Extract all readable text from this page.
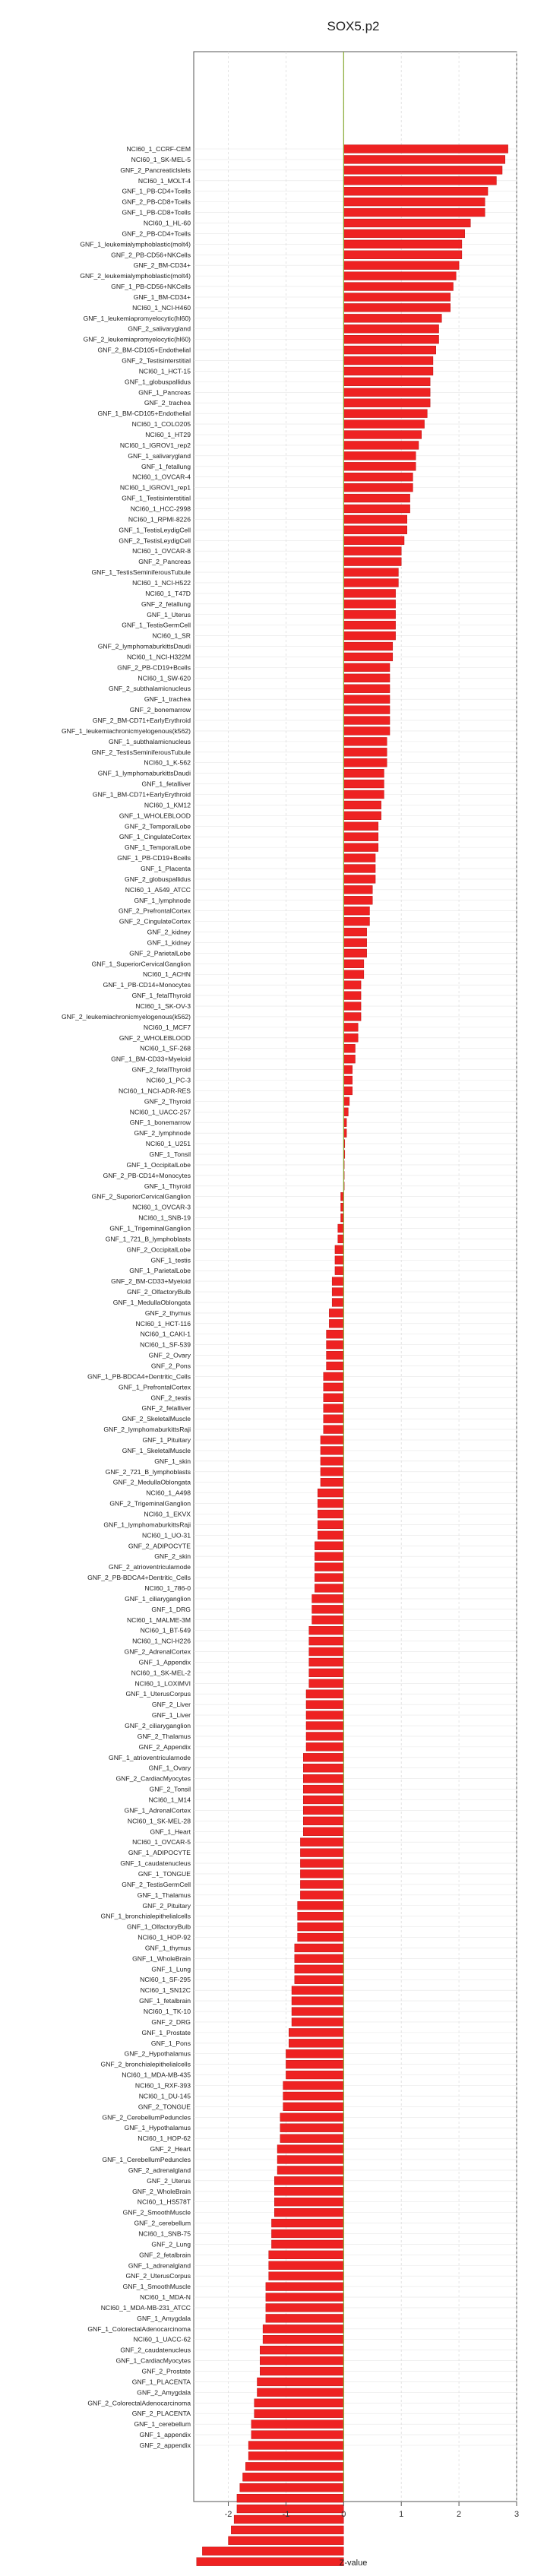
SOX5.p2
NCI60_1_CCRF-CEM
NCI60_1_SK-MEL-5
GNF_2_Pancreaticlslets
NCI60_1_MOLT-4
GNF_1_PB-CD4+Tcells
GNF_2_PB-CD8+Tcells
GNF_1_PB-CD8+Tcells
NCI60_1_HL-60
GNF_2_PB-CD4+Tcells
GNF_1_leukemialymphoblastic(molt4)
GNF_2_PB-CD56+NKCells
GNF_2_BM-CD34+
GNF_2_leukemialymphoblastic(molt4)
GNF_1_PB-CD56+NKCells
GNF_1_BM-CD34+
NCI60_1_NCI-H460
GNF_1_leukemiapromyelocytic(hl60)
GNF_2_salivarygland
GNF_2_leukemiapromyelocytic(hl60)
GNF_2_BM-CD105+Endothelial
GNF_2_Testisinterstitial
NCI60_1_HCT-15
GNF_1_globuspallidus
GNF_1_Pancreas
GNF_2_trachea
GNF_1_BM-CD105+Endothelial
NCI60_1_COLO205
NCI60_1_HT29
NCI60_1_IGROV1_rep2
GNF_1_salivarygland
GNF_1_fetallung
NCI60_1_OVCAR-4
NCI60_1_IGROV1_rep1
GNF_1_Testisinterstitial
NCI60_1_HCC-2998
NCI60_1_RPMI-8226
GNF_1_TestisLeydigCell
GNF_2_TestisLeydigCell
NCI60_1_OVCAR-8
GNF_2_Pancreas
GNF_1_TestisSeminiferousTubule
NCI60_1_NCI-H522
NCI60_1_T47D
GNF_2_fetallung
GNF_1_Uterus
GNF_1_TestisGermCell
NCI60_1_SR
GNF_2_lymphomaburkittsDaudi
NCI60_1_NCI-H322M
GNF_2_PB-CD19+Bcells
NCI60_1_SW-620
GNF_2_subthalamicnucleus
GNF_1_trachea
GNF_2_bonemarrow
GNF_2_BM-CD71+EarlyErythroid
GNF_1_leukemiachronicmyelogenous(k562)
GNF_1_subthalamicnucleus
GNF_2_TestisSeminiferousTubule
NCI60_1_K-562
GNF_1_lymphomaburkittsDaudi
GNF_1_fetalliver
GNF_1_BM-CD71+EarlyErythroid
NCI60_1_KM12
GNF_1_WHOLEBLOOD
GNF_2_TemporalLobe
GNF_1_CingulateCortex
GNF_1_TemporalLobe
GNF_1_PB-CD19+Bcells
GNF_1_Placenta
GNF_2_globuspallidus
NCI60_1_A549_ATCC
GNF_1_lymphnode
GNF_2_PrefrontalCortex
GNF_2_CingulateCortex
GNF_2_kidney
GNF_1_kidney
GNF_2_ParietalLobe
GNF_1_SuperiorCervicalGanglion
NCI60_1_ACHN
GNF_1_PB-CD14+Monocytes
GNF_1_fetalThyroid
NCI60_1_SK-OV-3
GNF_2_leukemiachronicmyelogenous(k562)
NCI60_1_MCF7
GNF_2_WHOLEBLOOD
NCI60_1_SF-268
GNF_1_BM-CD33+Myeloid
GNF_2_fetalThyroid
NCI60_1_PC-3
NCI60_1_NCI-ADR-RES
GNF_2_Thyroid
NCI60_1_UACC-257
GNF_1_bonemarrow
GNF_2_lymphnode
NCI60_1_U251
GNF_1_Tonsil
GNF_1_OccipitalLobe
GNF_2_PB-CD14+Monocytes
GNF_1_Thyroid
GNF_2_SuperiorCervicalGanglion
NCI60_1_OVCAR-3
NCI60_1_SNB-19
GNF_1_TrigeminalGanglion
GNF_1_721_B_lymphoblasts
GNF_2_OccipitalLobe
GNF_1_testis
GNF_1_ParietalLobe
GNF_2_BM-CD33+Myeloid
GNF_2_OlfactoryBulb
GNF_1_MedullaOblongata
GNF_2_thymus
NCI60_1_HCT-116
NCI60_1_CAKI-1
NCI60_1_SF-539
GNF_2_Ovary
GNF_2_Pons
GNF_1_PB-BDCA4+Dentritic_Cells
GNF_1_PrefrontalCortex
GNF_2_testis
GNF_2_fetalliver
GNF_2_SkeletalMuscle
GNF_2_lymphomaburkittsRaji
GNF_1_Pituitary
GNF_1_SkeletalMuscle
GNF_1_skin
GNF_2_721_B_lymphoblasts
GNF_2_MedullaOblongata
NCI60_1_A498
GNF_2_TrigeminalGanglion
NCI60_1_EKVX
GNF_1_lymphomaburkittsRaji
NCI60_1_UO-31
GNF_2_ADIPOCYTE
GNF_2_skin
GNF_2_atrioventricularnode
GNF_2_PB-BDCA4+Dentritic_Cells
NCI60_1_786-0
GNF_1_ciliaryganglion
GNF_1_DRG
NCI60_1_MALME-3M
NCI60_1_BT-549
NCI60_1_NCI-H226
GNF_2_AdrenalCortex
GNF_1_Appendix
NCI60_1_SK-MEL-2
NCI60_1_LOXIMVI
GNF_1_UterusCorpus
GNF_2_Liver
GNF_1_Liver
GNF_2_ciliaryganglion
GNF_2_Thalamus
GNF_2_Appendix
GNF_1_atrioventricularnode
GNF_1_Ovary
GNF_2_CardiacMyocytes
GNF_2_Tonsil
NCI60_1_M14
GNF_1_AdrenalCortex
NCI60_1_SK-MEL-28
GNF_1_Heart
NCI60_1_OVCAR-5
GNF_1_ADIPOCYTE
GNF_1_caudatenucleus
GNF_1_TONGUE
GNF_2_TestisGermCell
GNF_1_Thalamus
GNF_2_Pituitary
GNF_1_bronchialepithelialcells
GNF_1_OlfactoryBulb
NCI60_1_HOP-92
GNF_1_thymus
GNF_1_WholeBrain
GNF_1_Lung
NCI60_1_SF-295
NCI60_1_SN12C
GNF_1_fetalbrain
NCI60_1_TK-10
GNF_2_DRG
GNF_1_Prostate
GNF_1_Pons
GNF_2_Hypothalamus
GNF_2_bronchialepithelialcells
NCI60_1_MDA-MB-435
NCI60_1_RXF-393
NCI60_1_DU-145
GNF_2_TONGUE
GNF_2_CerebellumPeduncles
GNF_1_Hypothalamus
NCI60_1_HOP-62
GNF_2_Heart
GNF_1_CerebellumPeduncles
GNF_2_adrenalgland
GNF_2_Uterus
GNF_2_WholeBrain
NCI60_1_HS578T
GNF_2_SmoothMuscle
GNF_2_cerebellum
NCI60_1_SNB-75
GNF_2_Lung
GNF_2_fetalbrain
GNF_1_adrenalgland
GNF_2_UterusCorpus
GNF_1_SmoothMuscle
NCI60_1_MDA-N
NCI60_1_MDA-MB-231_ATCC
GNF_1_Amygdala
GNF_1_ColorectalAdenocarcinoma
NCI60_1_UACC-62
GNF_2_caudatenucleus
GNF_1_CardiacMyocytes
GNF_2_Prostate
GNF_1_PLACENTA
GNF_2_Amygdala
GNF_2_ColorectalAdenocarcinoma
GNF_2_PLACENTA
GNF_1_cerebellum
GNF_1_appendix
GNF_2_appendix
-2	-1	0	1	2	3
Z-value
